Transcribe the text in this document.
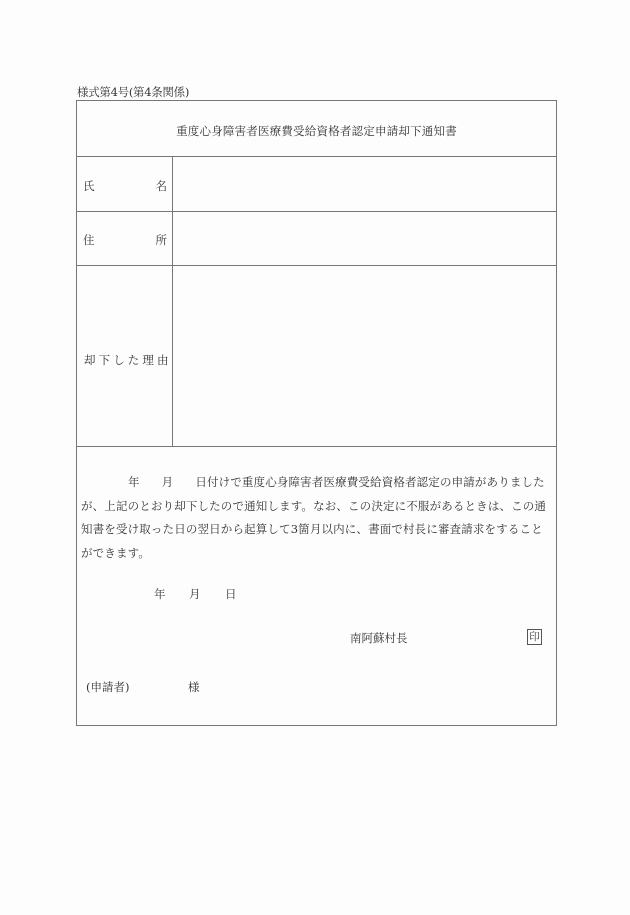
様式第4号(第4条関係)
重度心身障害者医療費受給資格者認定申請却下通知書
氏	名
住	所
却下した理由
年 月 日付けで重度心身障害者医療費受給資格者認定の申請がありました
が、上記のとおり却下したので通知します。なお、この決定に不服があるときは、この通
知書を受け取った日の翌日から起算して3箇月以内に、書面で村長に審査請求をすること
ができます。
年 月 日
南阿蘇村長	印
(申請者)	様
